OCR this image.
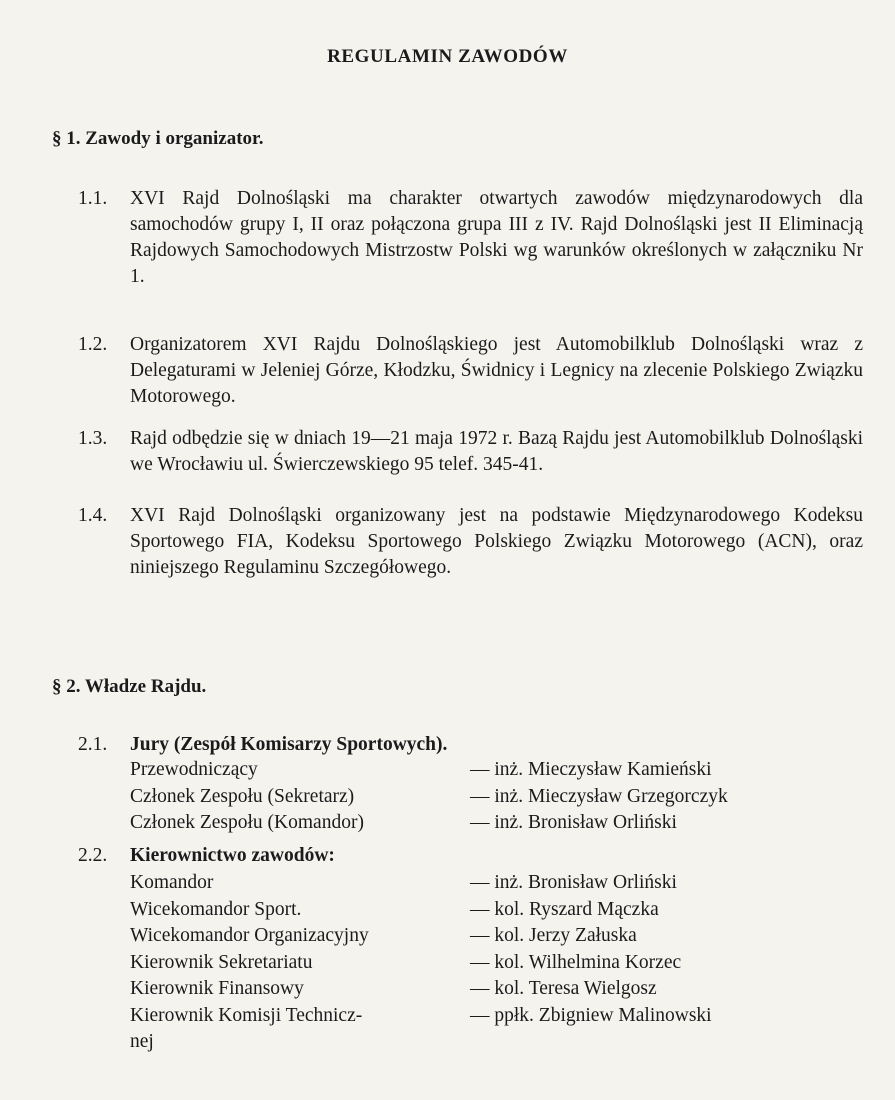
REGULAMIN ZAWODÓW
§ 1. Zawody i organizator.
1.1.	XVI Rajd Dolnośląski ma charakter otwartych zawodów międzynarodowych dla samochodów grupy I, II oraz połączona grupa III z IV. Rajd Dolnośląski jest II Eliminacją Rajdowych Samochodowych Mistrzostw Polski wg warunków określonych w załączniku Nr 1.
1.2.	Organizatorem XVI Rajdu Dolnośląskiego jest Automobilklub Dolnośląski wraz z Delegaturami w Jeleniej Górze, Kłodzku, Świdnicy i Legnicy na zlecenie Polskiego Związku Motorowego.
1.3.	Rajd odbędzie się w dniach 19—21 maja 1972 r. Bazą Rajdu jest Automobilklub Dolnośląski we Wrocławiu ul. Świerczewskiego 95 telef. 345-41.
1.4.	XVI Rajd Dolnośląski organizowany jest na podstawie Międzynarodowego Kodeksu Sportowego FIA, Kodeksu Sportowego Polskiego Związku Motorowego (ACN), oraz niniejszego Regulaminu Szczegółowego.
§ 2. Władze Rajdu.
2.1. Jury (Zespół Komisarzy Sportowych).
Przewodniczący	— inż. Mieczysław Kamieński
Członek Zespołu (Sekretarz)	— inż. Mieczysław Grzegorczyk
Członek Zespołu (Komandor)	— inż. Bronisław Orliński
2.2. Kierownictwo zawodów:
Komandor	— inż. Bronisław Orliński
Wicekomandor Sport.	— kol. Ryszard Mączka
Wicekomandor Organizacyjny	— kol. Jerzy Załuska
Kierownik Sekretariatu	— kol. Wilhelmina Korzec
Kierownik Finansowy	— kol. Teresa Wielgosz
Kierownik Komisji Technicz-	— ppłk. Zbigniew Malinowski
nej
